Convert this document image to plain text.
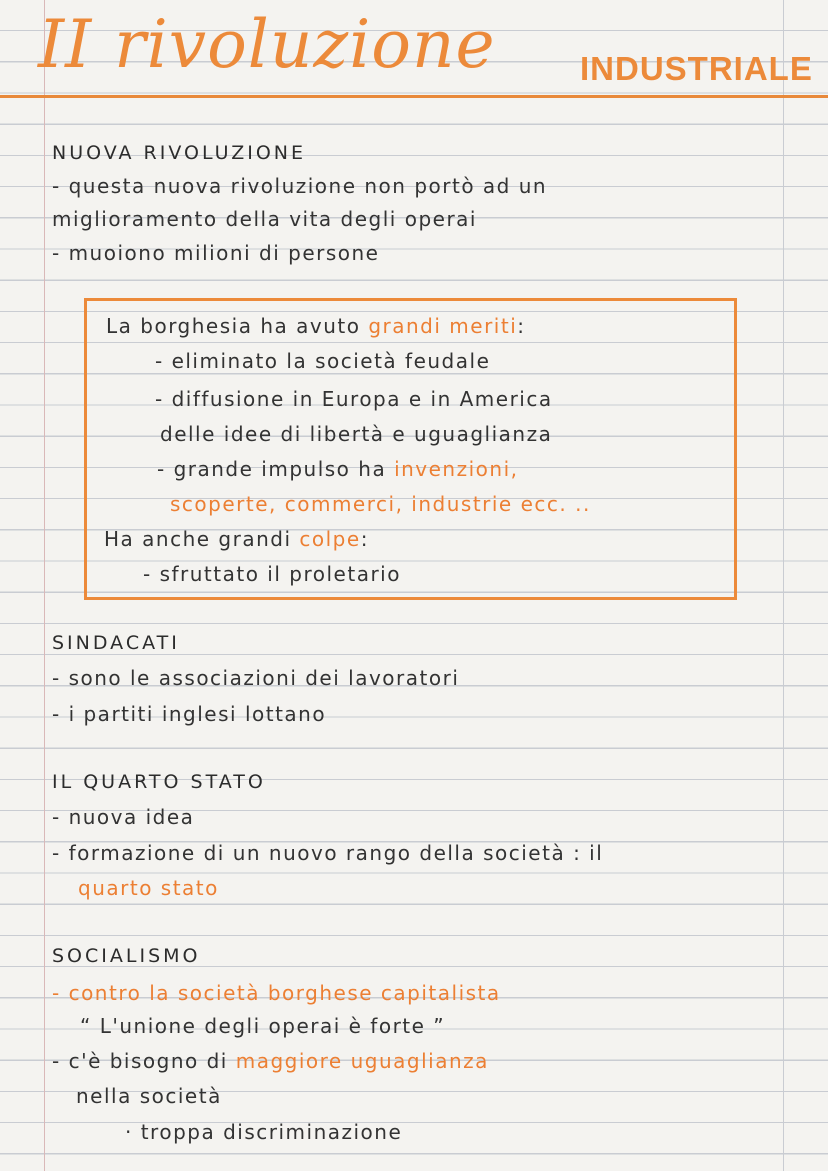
II rivoluzione	INDUSTRIALE
NUOVA RIVOLUZIONE
- questa nuova rivoluzione non portò ad un
miglioramento della vita degli operai
- muoiono milioni di persone
La borghesia ha avuto grandi meriti:
- eliminato la società feudale
- diffusione in Europa e in America
delle idee di libertà e uguaglianza
- grande impulso ha invenzioni,
scoperte, commerci, industrie ecc. ..
Ha anche grandi colpe:
- sfruttato il proletario
SINDACATI
- sono le associazioni dei lavoratori
- i partiti inglesi lottano
IL QUARTO STATO
- nuova idea
- formazione di un nuovo rango della società : il
quarto stato
SOCIALISMO
- contro la società borghese capitalista
“ L'unione degli operai è forte ”
- c'è bisogno di maggiore uguaglianza
nella società
· troppa discriminazione
